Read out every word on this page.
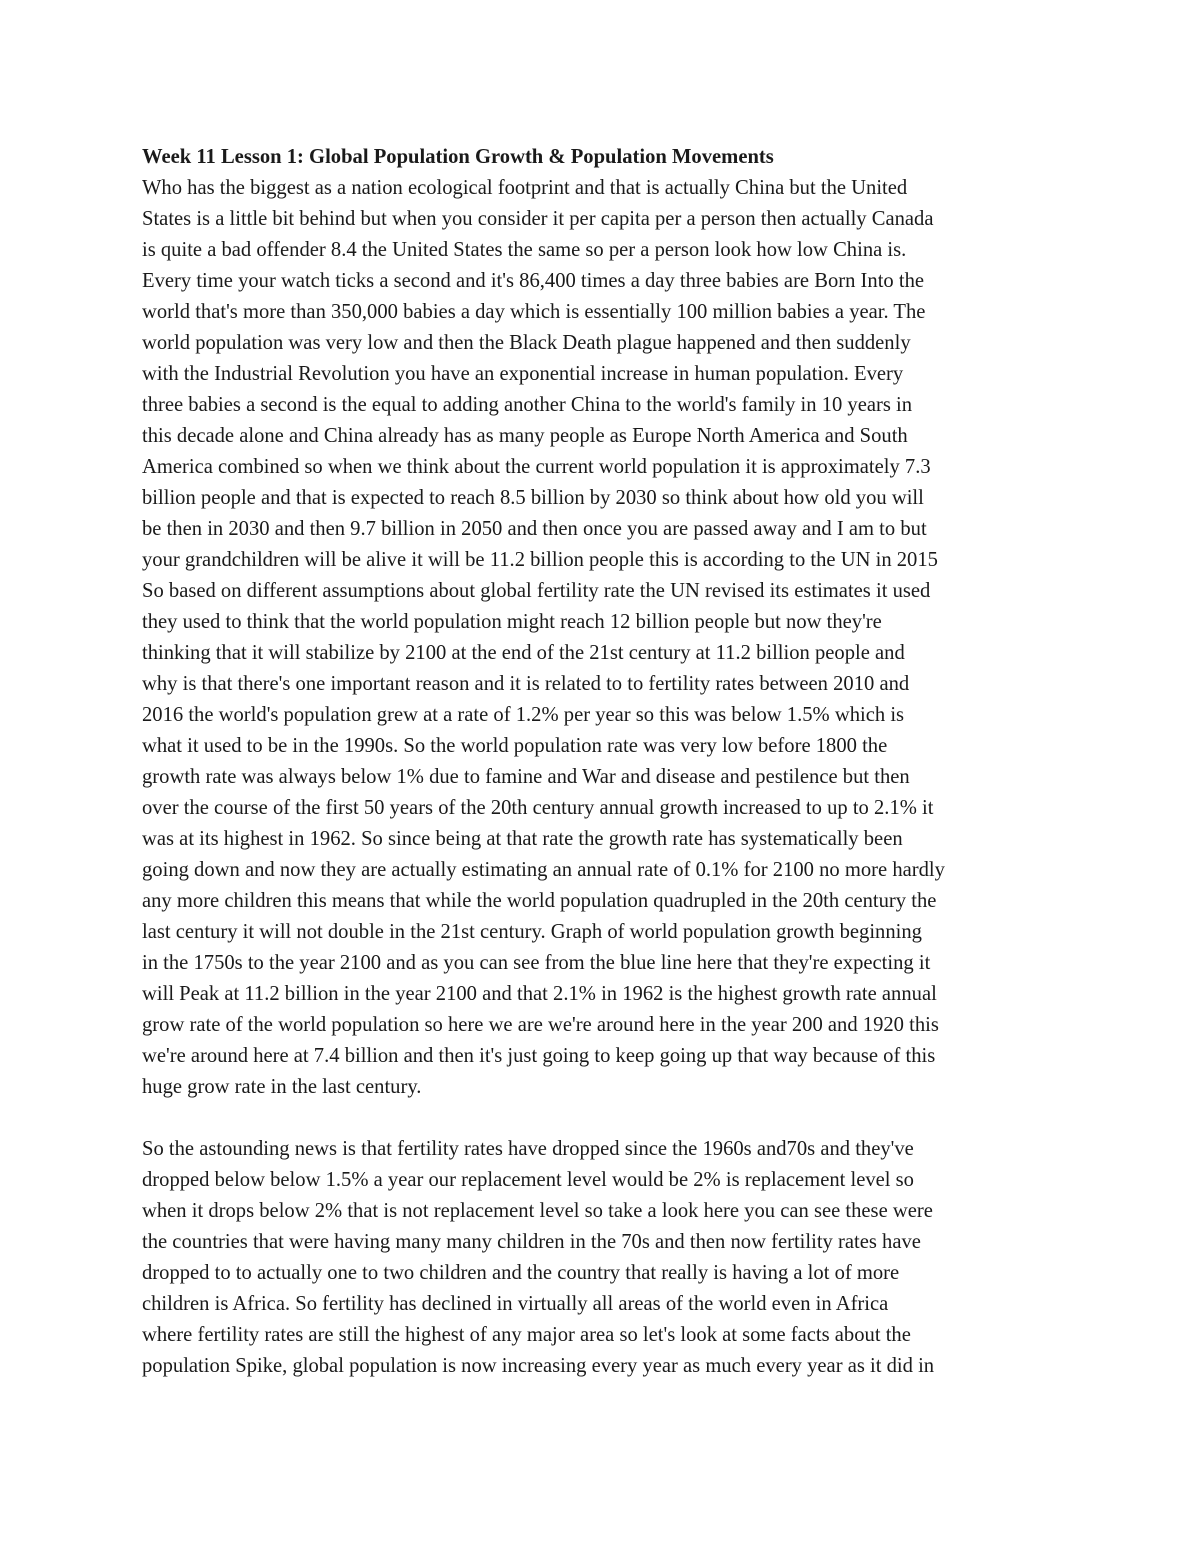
Week 11 Lesson 1: Global Population Growth & Population Movements
Who has the biggest as a nation ecological footprint and that is actually China but the United
States is a little bit behind but when you consider it per capita per a person then actually Canada
is quite a bad offender 8.4 the United States the same so per a person look how low China is.
Every time your watch ticks a second and it's 86,400 times a day three babies are Born Into the
world that's more than 350,000 babies a day which is essentially 100 million babies a year. The
world population was very low and then the Black Death plague happened and then suddenly
with the Industrial Revolution you have an exponential increase in human population. Every
three babies a second is the equal to adding another China to the world's family in 10 years in
this decade alone and China already has as many people as Europe North America and South
America combined so when we think about the current world population it is approximately 7.3
billion people and that is expected to reach 8.5 billion by 2030 so think about how old you will
be then in 2030 and then 9.7 billion in 2050 and then once you are passed away and I am to but
your grandchildren will be alive it will be 11.2 billion people this is according to the UN in 2015
So based on different assumptions about global fertility rate the UN revised its estimates it used
they used to think that the world population might reach 12 billion people but now they're
thinking that it will stabilize by 2100 at the end of the 21st century at 11.2 billion people and
why is that there's one important reason and it is related to to fertility rates between 2010 and
2016 the world's population grew at a rate of 1.2% per year so this was below 1.5% which is
what it used to be in the 1990s. So the world population rate was very low before 1800 the
growth rate was always below 1% due to famine and War and disease and pestilence but then
over the course of the first 50 years of the 20th century annual growth increased to up to 2.1% it
was at its highest in 1962. So since being at that rate the growth rate has systematically been
going down and now they are actually estimating an annual rate of 0.1% for 2100 no more hardly
any more children this means that while the world population quadrupled in the 20th century the
last century it will not double in the 21st century. Graph of world population growth beginning
in the 1750s to the year 2100 and as you can see from the blue line here that they're expecting it
will Peak at 11.2 billion in the year 2100 and that 2.1% in 1962 is the highest growth rate annual
grow rate of the world population so here we are we're around here in the year 200 and 1920 this
we're around here at 7.4 billion and then it's just going to keep going up that way because of this
huge grow rate in the last century.
So the astounding news is that fertility rates have dropped since the 1960s and70s and they've
dropped below below 1.5% a year our replacement level would be 2% is replacement level so
when it drops below 2% that is not replacement level so take a look here you can see these were
the countries that were having many many children in the 70s and then now fertility rates have
dropped to to actually one to two children and the country that really is having a lot of more
children is Africa. So fertility has declined in virtually all areas of the world even in Africa
where fertility rates are still the highest of any major area so let's look at some facts about the
population Spike, global population is now increasing every year as much every year as it did in
